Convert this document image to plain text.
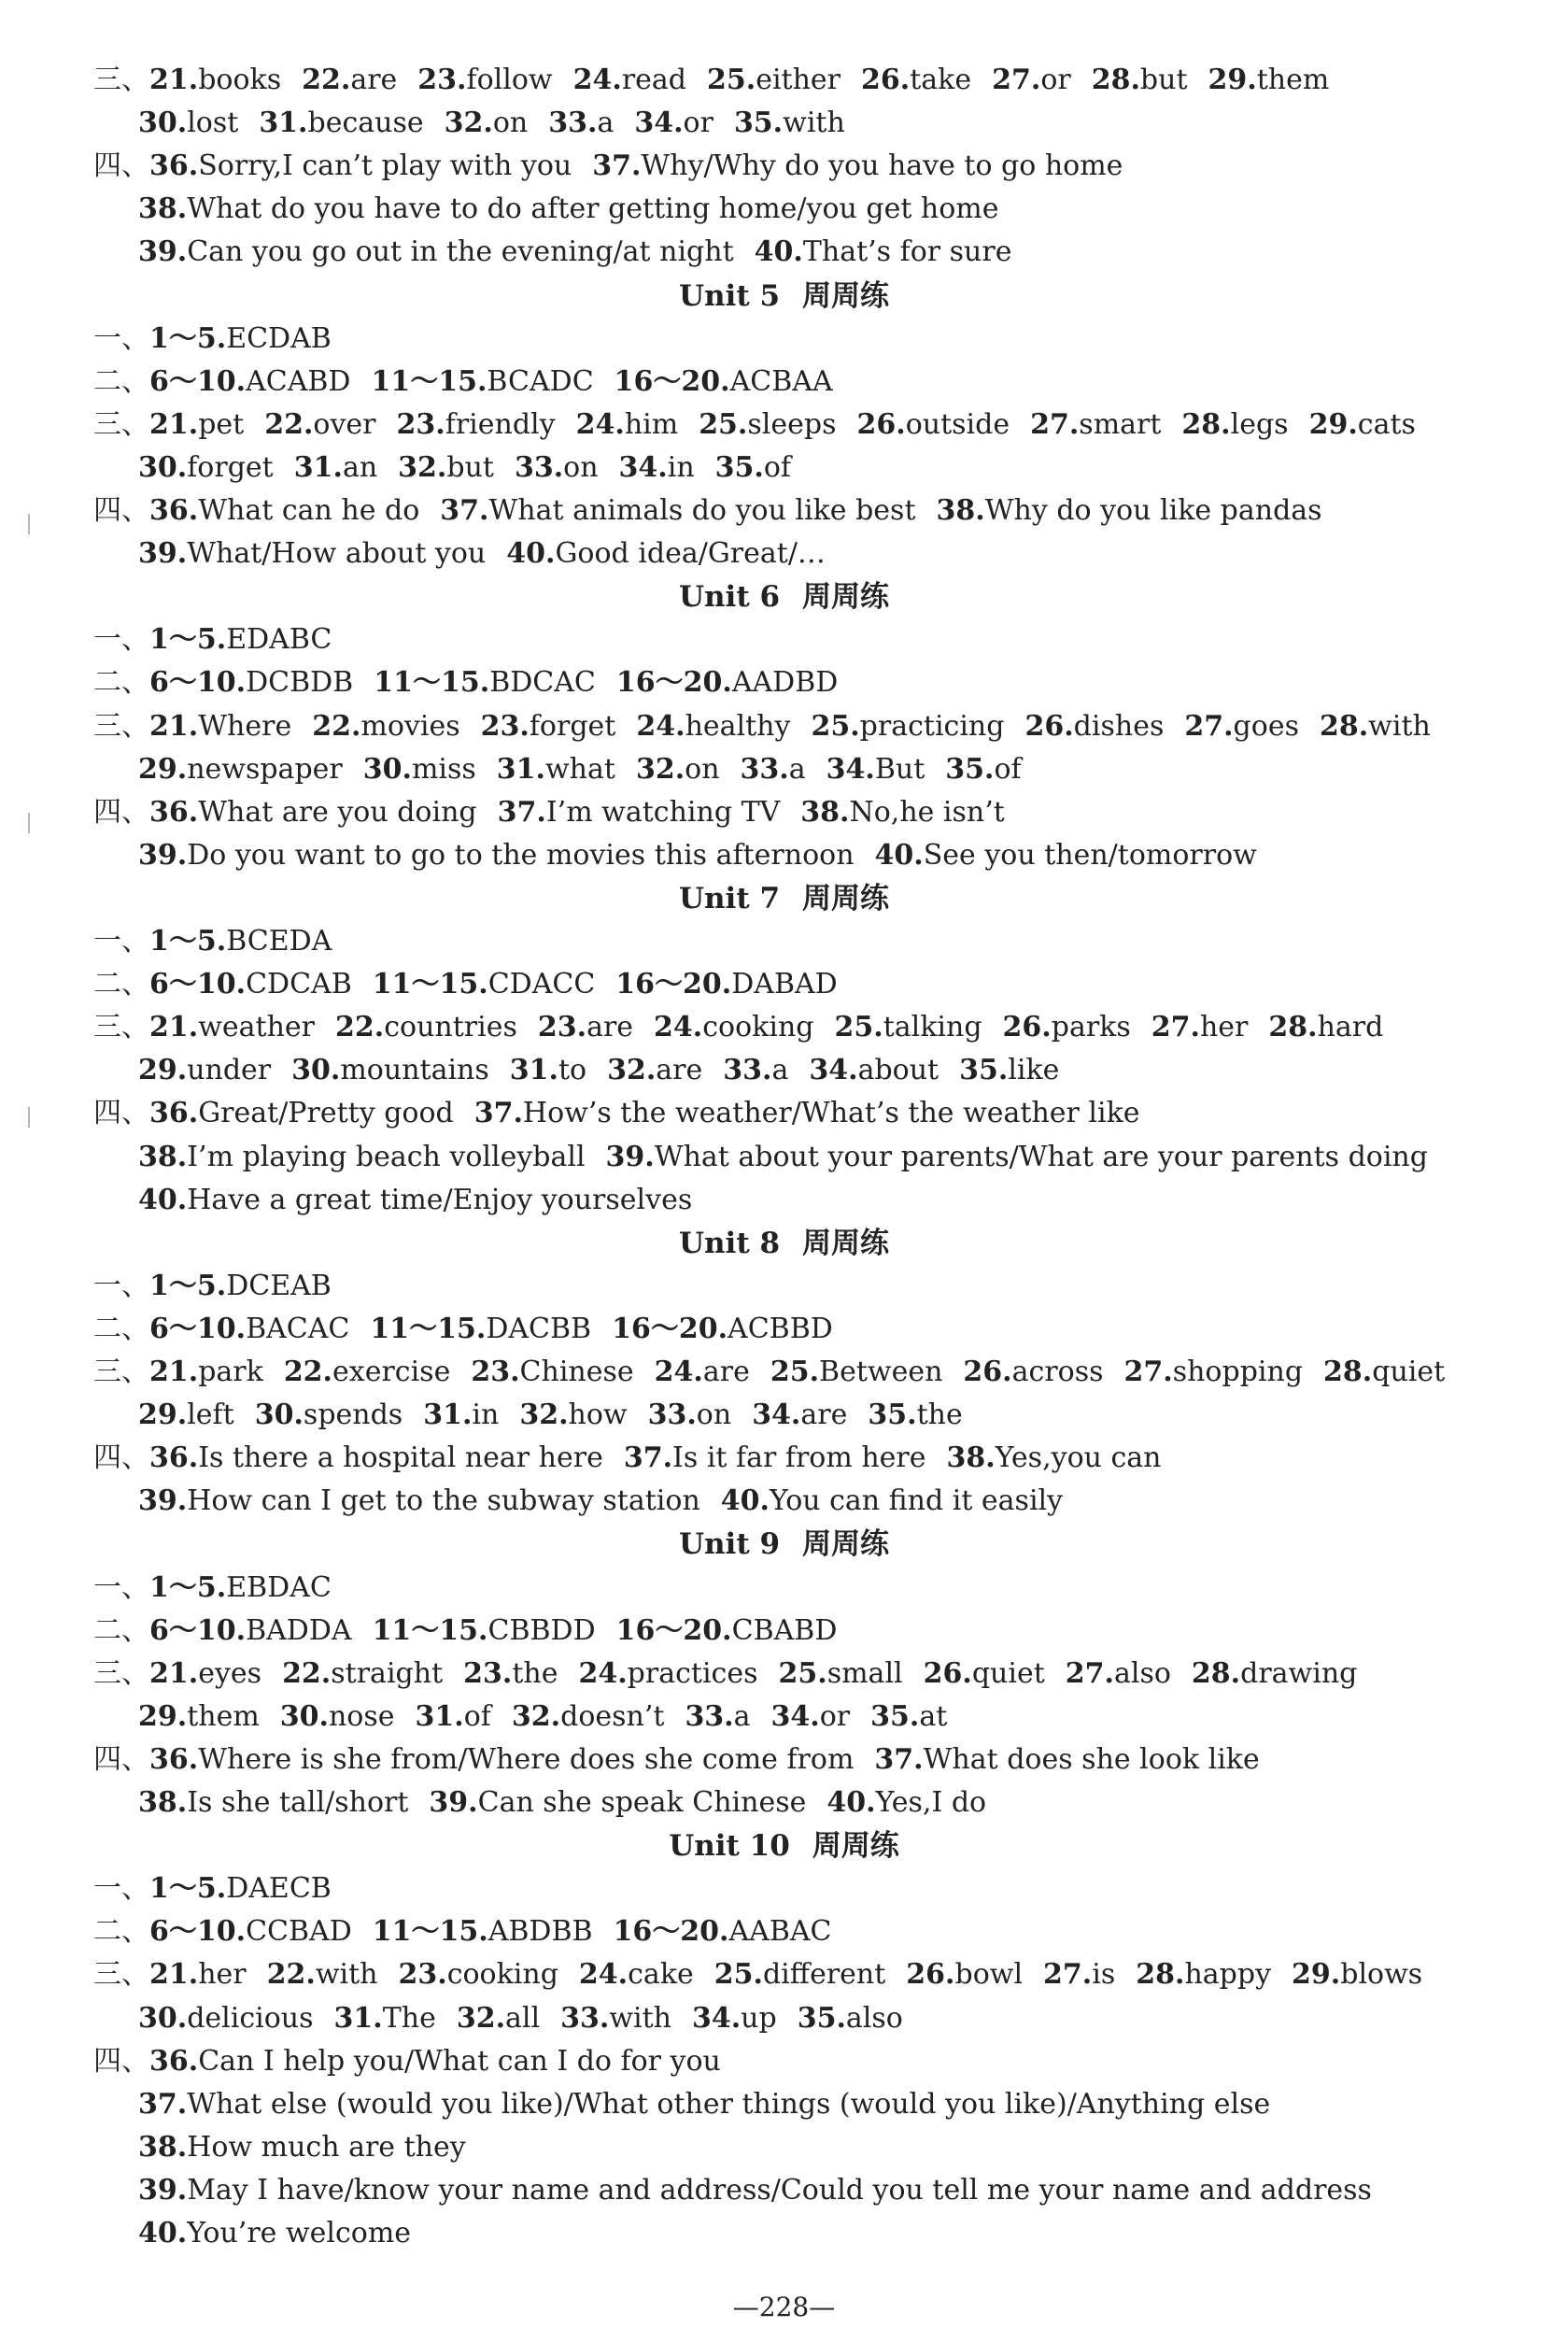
三、21.books 22.are 23.follow 24.read 25.either 26.take 27.or 28.but 29.them
30.lost 31.because 32.on 33.a 34.or 35.with
四、36.Sorry,I can’t play with you 37.Why/Why do you have to go home
38.What do you have to do after getting home/you get home
39.Can you go out in the evening/at night 40.That’s for sure
Unit 5 周周练
一、1～5.ECDAB
二、6～10.ACABD 11～15.BCADC 16～20.ACBAA
三、21.pet 22.over 23.friendly 24.him 25.sleeps 26.outside 27.smart 28.legs 29.cats
30.forget 31.an 32.but 33.on 34.in 35.of
四、36.What can he do 37.What animals do you like best 38.Why do you like pandas
39.What/How about you 40.Good idea/Great/…
Unit 6 周周练
一、1～5.EDABC
二、6～10.DCBDB 11～15.BDCAC 16～20.AADBD
三、21.Where 22.movies 23.forget 24.healthy 25.practicing 26.dishes 27.goes 28.with
29.newspaper 30.miss 31.what 32.on 33.a 34.But 35.of
四、36.What are you doing 37.I’m watching TV 38.No,he isn’t
39.Do you want to go to the movies this afternoon 40.See you then/tomorrow
Unit 7 周周练
一、1～5.BCEDA
二、6～10.CDCAB 11～15.CDACC 16～20.DABAD
三、21.weather 22.countries 23.are 24.cooking 25.talking 26.parks 27.her 28.hard
29.under 30.mountains 31.to 32.are 33.a 34.about 35.like
四、36.Great/Pretty good 37.How’s the weather/What’s the weather like
38.I’m playing beach volleyball 39.What about your parents/What are your parents doing
40.Have a great time/Enjoy yourselves
Unit 8 周周练
一、1～5.DCEAB
二、6～10.BACAC 11～15.DACBB 16～20.ACBBD
三、21.park 22.exercise 23.Chinese 24.are 25.Between 26.across 27.shopping 28.quiet
29.left 30.spends 31.in 32.how 33.on 34.are 35.the
四、36.Is there a hospital near here 37.Is it far from here 38.Yes,you can
39.How can I get to the subway station 40.You can find it easily
Unit 9 周周练
一、1～5.EBDAC
二、6～10.BADDA 11～15.CBBDD 16～20.CBABD
三、21.eyes 22.straight 23.the 24.practices 25.small 26.quiet 27.also 28.drawing
29.them 30.nose 31.of 32.doesn’t 33.a 34.or 35.at
四、36.Where is she from/Where does she come from 37.What does she look like
38.Is she tall/short 39.Can she speak Chinese 40.Yes,I do
Unit 10 周周练
一、1～5.DAECB
二、6～10.CCBAD 11～15.ABDBB 16～20.AABAC
三、21.her 22.with 23.cooking 24.cake 25.different 26.bowl 27.is 28.happy 29.blows
30.delicious 31.The 32.all 33.with 34.up 35.also
四、36.Can I help you/What can I do for you
37.What else (would you like)/What other things (would you like)/Anything else
38.How much are they
39.May I have/know your name and address/Could you tell me your name and address
40.You’re welcome
—228—
